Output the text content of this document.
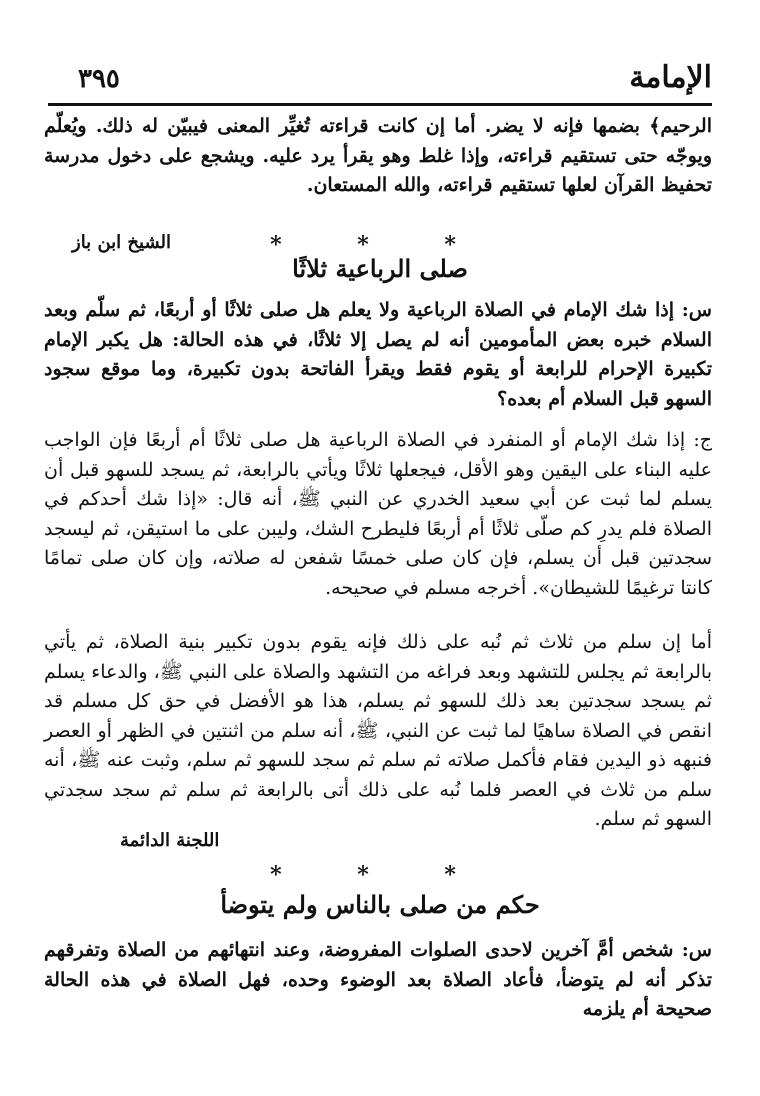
الإمامة
٣٩٥

الرحيم﴾ بضمها فإنه لا يضر. أما إن كانت قراءته تُغيِّر المعنى فيبيّن له ذلك. ويُعلّم ويوجّه حتى تستقيم قراءته، وإذا غلط وهو يقرأ يرد عليه. ويشجع على دخول مدرسة تحفيظ القرآن لعلها تستقيم قراءته، والله المستعان.

الشيخ ابن باز	* * *
صلى الرباعية ثلاثًا

س: إذا شك الإمام في الصلاة الرباعية ولا يعلم هل صلى ثلاثًا أو أربعًا، ثم سلّم وبعد السلام خبره بعض المأمومين أنه لم يصل إلا ثلاثًا، في هذه الحالة: هل يكبر الإمام تكبيرة الإحرام للرابعة أو يقوم فقط ويقرأ الفاتحة بدون تكبيرة، وما موقع سجود السهو قبل السلام أم بعده؟

ج: إذا شك الإمام أو المنفرد في الصلاة الرباعية هل صلى ثلاثًا أم أربعًا فإن الواجب عليه البناء على اليقين وهو الأقل، فيجعلها ثلاثًا ويأتي بالرابعة، ثم يسجد للسهو قبل أن يسلم لما ثبت عن أبي سعيد الخدري عن النبي ﷺ، أنه قال: «إذا شك أحدكم في الصلاة فلم يدرِ كم صلّى ثلاثًا أم أربعًا فليطرح الشك، وليبن على ما استيقن، ثم ليسجد سجدتين قبل أن يسلم، فإن كان صلى خمسًا شفعن له صلاته، وإن كان صلى تمامًا كانتا ترغيمًا للشيطان». أخرجه مسلم في صحيحه.

أما إن سلم من ثلاث ثم نُبه على ذلك فإنه يقوم بدون تكبير بنية الصلاة، ثم يأتي بالرابعة ثم يجلس للتشهد وبعد فراغه من التشهد والصلاة على النبي ﷺ، والدعاء يسلم ثم يسجد سجدتين بعد ذلك للسهو ثم يسلم، هذا هو الأفضل في حق كل مسلم قد انقص في الصلاة ساهيًا لما ثبت عن النبي، ﷺ، أنه سلم من اثنتين في الظهر أو العصر فنبهه ذو اليدين فقام فأكمل صلاته ثم سلم ثم سجد للسهو ثم سلم، وثبت عنه ﷺ، أنه سلم من ثلاث في العصر فلما نُبه على ذلك أتى بالرابعة ثم سلم ثم سجد سجدتي السهو ثم سلم.

اللجنة الدائمة
* * *
حكم من صلى بالناس ولم يتوضأ

س: شخص أمَّ آخرين لاحدى الصلوات المفروضة، وعند انتهائهم من الصلاة وتفرقهم تذكر أنه لم يتوضأ، فأعاد الصلاة بعد الوضوء وحده، فهل الصلاة في هذه الحالة صحيحة أم يلزمه
